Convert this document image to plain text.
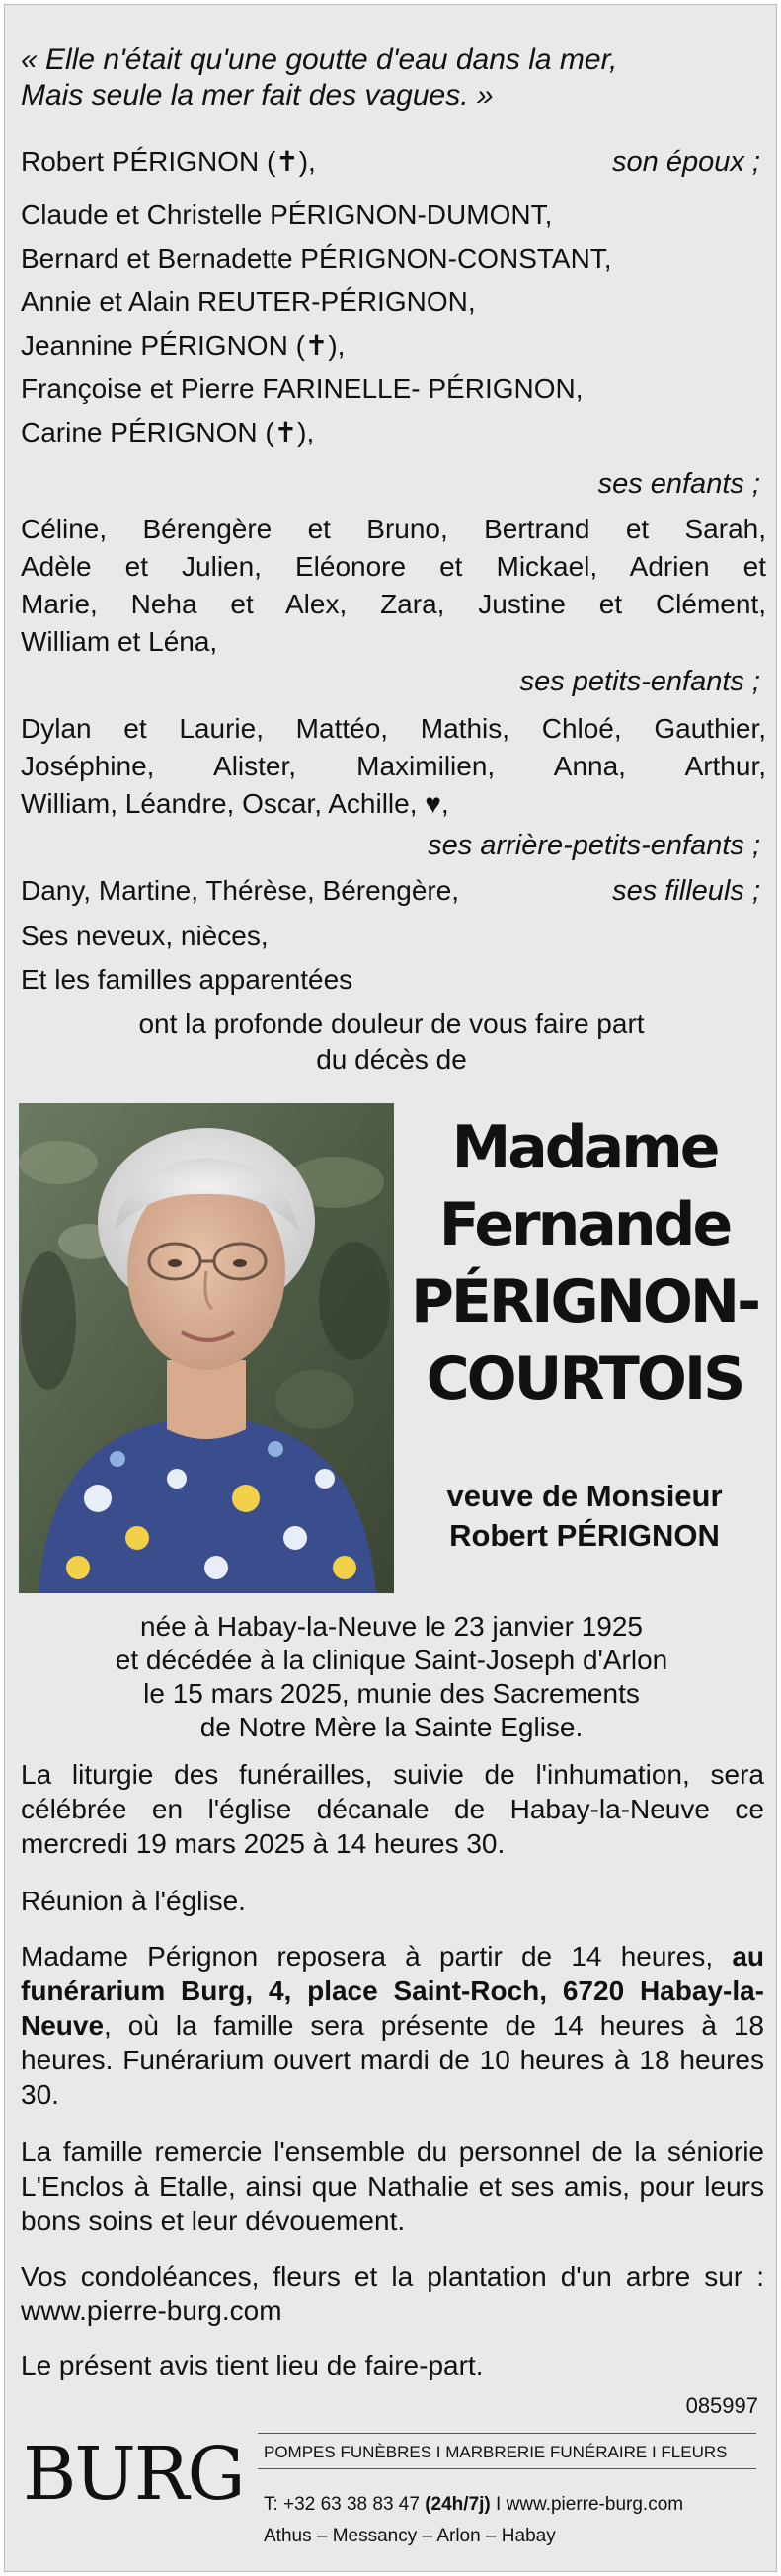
« Elle n'était qu'une goutte d'eau dans la mer,
Mais seule la mer fait des vagues. »
Robert PÉRIGNON (✝),	son époux ;
Claude et Christelle PÉRIGNON-DUMONT,
Bernard et Bernadette PÉRIGNON-CONSTANT,
Annie et Alain REUTER-PÉRIGNON,
Jeannine PÉRIGNON (✝),
Françoise et Pierre FARINELLE- PÉRIGNON,
Carine PÉRIGNON (✝),
ses enfants ;
Céline, Bérengère et Bruno, Bertrand et Sarah,
Adèle et Julien, Eléonore et Mickael, Adrien et
Marie, Neha et Alex, Zara, Justine et Clément,
William et Léna,
ses petits-enfants ;
Dylan et Laurie, Mattéo, Mathis, Chloé, Gauthier,
Joséphine, Alister, Maximilien, Anna, Arthur,
William, Léandre, Oscar, Achille, ♥,
ses arrière-petits-enfants ;
Dany, Martine, Thérèse, Bérengère,	ses filleuls ;
Ses neveux, nièces,
Et les familles apparentées
ont la profonde douleur de vous faire part
du décès de
Madame
Fernande
PÉRIGNON-
COURTOIS
veuve de Monsieur
Robert PÉRIGNON
née à Habay-la-Neuve le 23 janvier 1925
et décédée à la clinique Saint-Joseph d'Arlon
le 15 mars 2025, munie des Sacrements
de Notre Mère la Sainte Eglise.
La liturgie des funérailles, suivie de l'inhumation, sera célébrée en l'église décanale de Habay-la-Neuve ce mercredi 19 mars 2025 à 14 heures 30.
Réunion à l'église.
Madame Pérignon reposera à partir de 14 heures, au funérarium Burg, 4, place Saint-Roch, 6720 Habay-la-Neuve, où la famille sera présente de 14 heures à 18 heures. Funérarium ouvert mardi de 10 heures à 18 heures 30.
La famille remercie l'ensemble du personnel de la séniorie L'Enclos à Etalle, ainsi que Nathalie et ses amis, pour leurs bons soins et leur dévouement.
Vos condoléances, fleurs et la plantation d'un arbre sur : www.pierre-burg.com
Le présent avis tient lieu de faire-part.
085997
BURG POMPES FUNÈBRES I MARBRERIE FUNÉRAIRE I FLEURS
T: +32 63 38 83 47 (24h/7j) I www.pierre-burg.com
Athus – Messancy – Arlon – Habay
